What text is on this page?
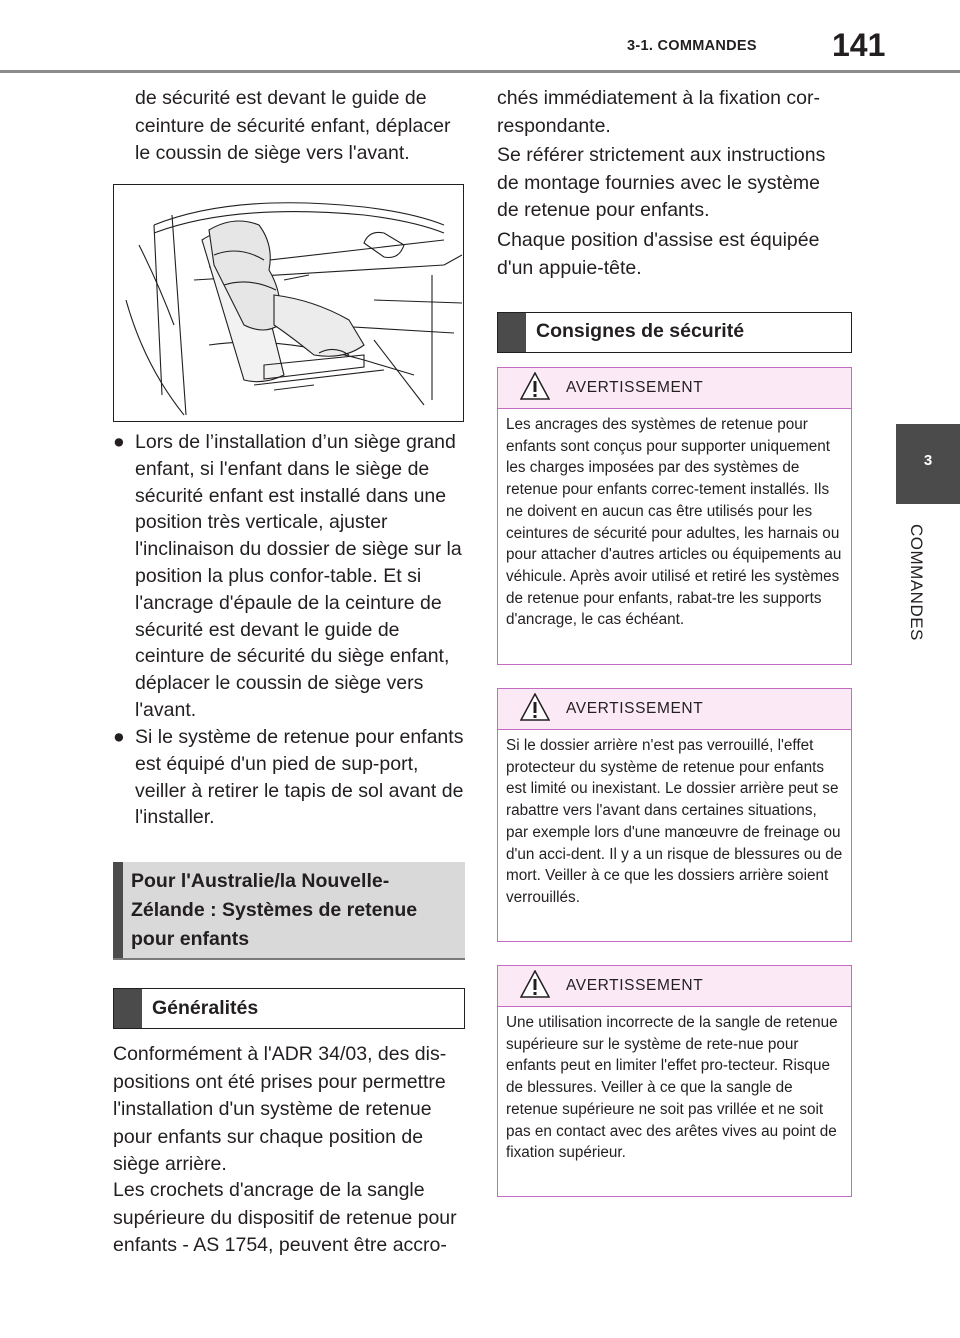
3-1. COMMANDES 141
3
COMMANDES

de sécurité est devant le guide de ceinture de sécurité enfant, déplacer le coussin de siège vers l'avant.

● Lors de l’installation d’un siège grand enfant, si l'enfant dans le siège de sécurité enfant est installé dans une position très verticale, ajuster l'inclinaison du dossier de siège sur la position la plus confor-table. Et si l'ancrage d'épaule de la ceinture de sécurité est devant le guide de ceinture de sécurité du siège enfant, déplacer le coussin de siège vers l'avant.
● Si le système de retenue pour enfants est équipé d'un pied de sup-port, veiller à retirer le tapis de sol avant de l'installer.
Pour l'Australie/la Nouvelle-Zélande : Systèmes de retenue pour enfants
Généralités

Conformément à l'ADR 34/03, des dis-positions ont été prises pour permettre l'installation d'un système de retenue pour enfants sur chaque position de siège arrière.

Les crochets d'ancrage de la sangle supérieure du dispositif de retenue pour enfants - AS 1754, peuvent être accro-

chés immédiatement à la fixation cor-respondante.

Se référer strictement aux instructions de montage fournies avec le système de retenue pour enfants.

Chaque position d'assise est équipée d'un appuie-tête.

Consignes de sécurité
AVERTISSEMENT
Les ancrages des systèmes de retenue pour enfants sont conçus pour supporter uniquement les charges imposées par des systèmes de retenue pour enfants correc-tement installés. Ils ne doivent en aucun cas être utilisés pour les ceintures de sécurité pour adultes, les harnais ou pour attacher d'autres articles ou équipements au véhicule. Après avoir utilisé et retiré les systèmes de retenue pour enfants, rabat-tre les supports d'ancrage, le cas échéant.
AVERTISSEMENT
Si le dossier arrière n'est pas verrouillé, l'effet protecteur du système de retenue pour enfants est limité ou inexistant. Le dossier arrière peut se rabattre vers l'avant dans certaines situations, par exemple lors d'une manœuvre de freinage ou d'un acci-dent. Il y a un risque de blessures ou de mort. Veiller à ce que les dossiers arrière soient verrouillés.
AVERTISSEMENT
Une utilisation incorrecte de la sangle de retenue supérieure sur le système de rete-nue pour enfants peut en limiter l'effet pro-tecteur. Risque de blessures. Veiller à ce que la sangle de retenue supérieure ne soit pas vrillée et ne soit pas en contact avec des arêtes vives au point de fixation supérieur.
